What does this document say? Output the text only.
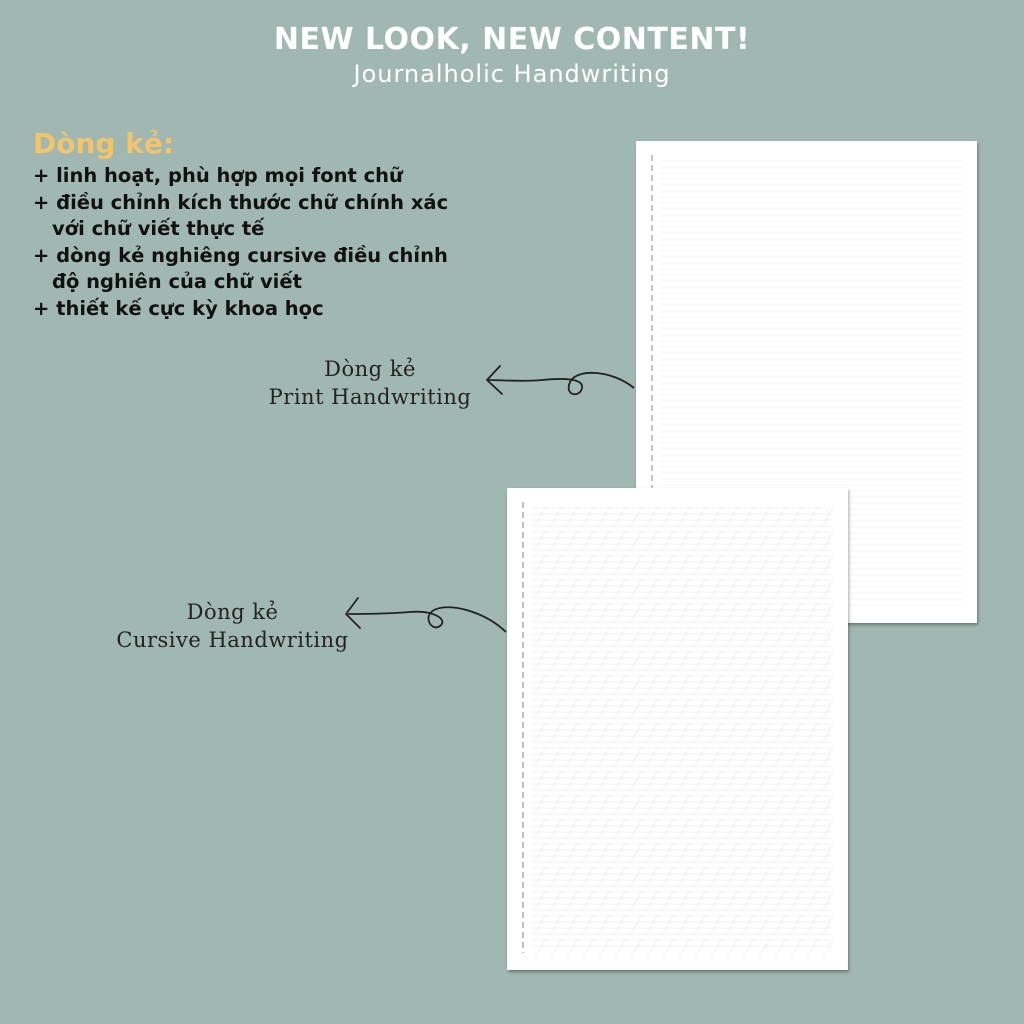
NEW LOOK, NEW CONTENT!
Journalholic Handwriting
Dòng kẻ:
+ linh hoạt, phù hợp mọi font chữ
+ điều chỉnh kích thước chữ chính xác với chữ viết thực tế
+ dòng kẻ nghiêng cursive điều chỉnh độ nghiên của chữ viết
+ thiết kế cực kỳ khoa học
Dòng kẻ
Print Handwriting
Dòng kẻ
Cursive Handwriting
